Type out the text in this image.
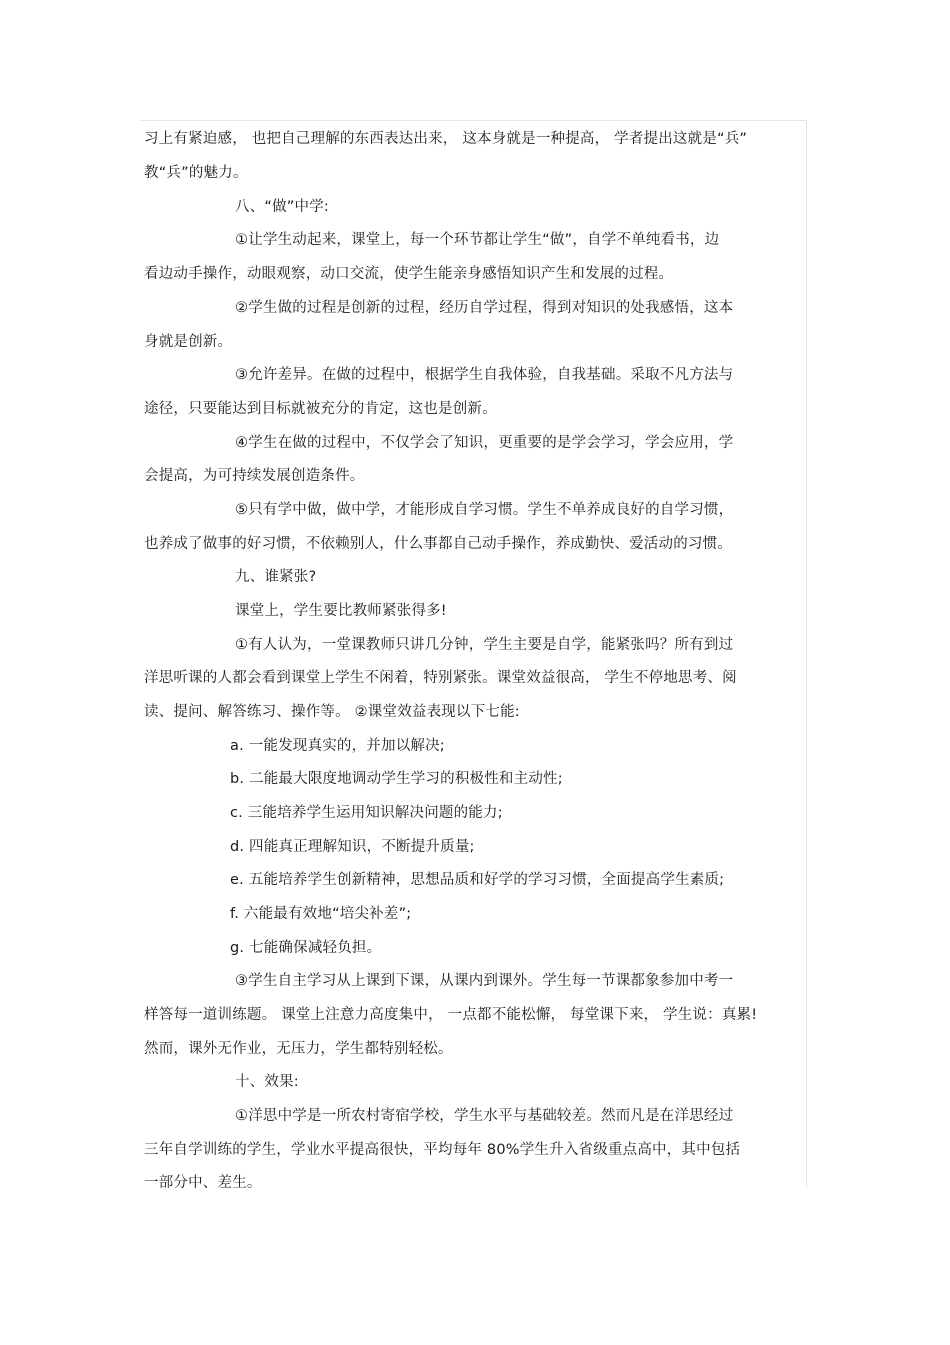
习上有紧迫感， 也把自己理解的东西表达出来， 这本身就是一种提高， 学者提出这就是“兵”
教“兵”的魅力。
八、“做”中学:
①让学生动起来，课堂上，每一个环节都让学生“做”，自学不单纯看书，边
看边动手操作，动眼观察，动口交流，使学生能亲身感悟知识产生和发展的过程。
②学生做的过程是创新的过程，经历自学过程，得到对知识的处我感悟，这本
身就是创新。
③允许差异。在做的过程中，根据学生自我体验，自我基础。采取不凡方法与
途径，只要能达到目标就被充分的肯定，这也是创新。
④学生在做的过程中，不仅学会了知识，更重要的是学会学习，学会应用，学
会提高，为可持续发展创造条件。
⑤只有学中做，做中学，才能形成自学习惯。学生不单养成良好的自学习惯，
也养成了做事的好习惯，不依赖别人，什么事都自己动手操作，养成勤快、爱活动的习惯。
九、谁紧张?
课堂上，学生要比教师紧张得多!
①有人认为，一堂课教师只讲几分钟，学生主要是自学，能紧张吗？所有到过
洋思听课的人都会看到课堂上学生不闲着，特别紧张。课堂效益很高， 学生不停地思考、阅
读、提问、解答练习、操作等。 ②课堂效益表现以下七能:
a. 一能发现真实的，并加以解决;
b. 二能最大限度地调动学生学习的积极性和主动性;
c. 三能培养学生运用知识解决问题的能力;
d. 四能真正理解知识，不断提升质量;
e. 五能培养学生创新精神，思想品质和好学的学习习惯，全面提高学生素质;
f. 六能最有效地“培尖补差”;
g. 七能确保减轻负担。
③学生自主学习从上课到下课，从课内到课外。学生每一节课都象参加中考一
样答每一道训练题。 课堂上注意力高度集中， 一点都不能松懈， 每堂课下来， 学生说：真累!
然而，课外无作业，无压力，学生都特别轻松。
十、效果:
①洋思中学是一所农村寄宿学校，学生水平与基础较差。然而凡是在洋思经过
三年自学训练的学生，学业水平提高很快，平均每年 80%学生升入省级重点高中，其中包括
一部分中、差生。
